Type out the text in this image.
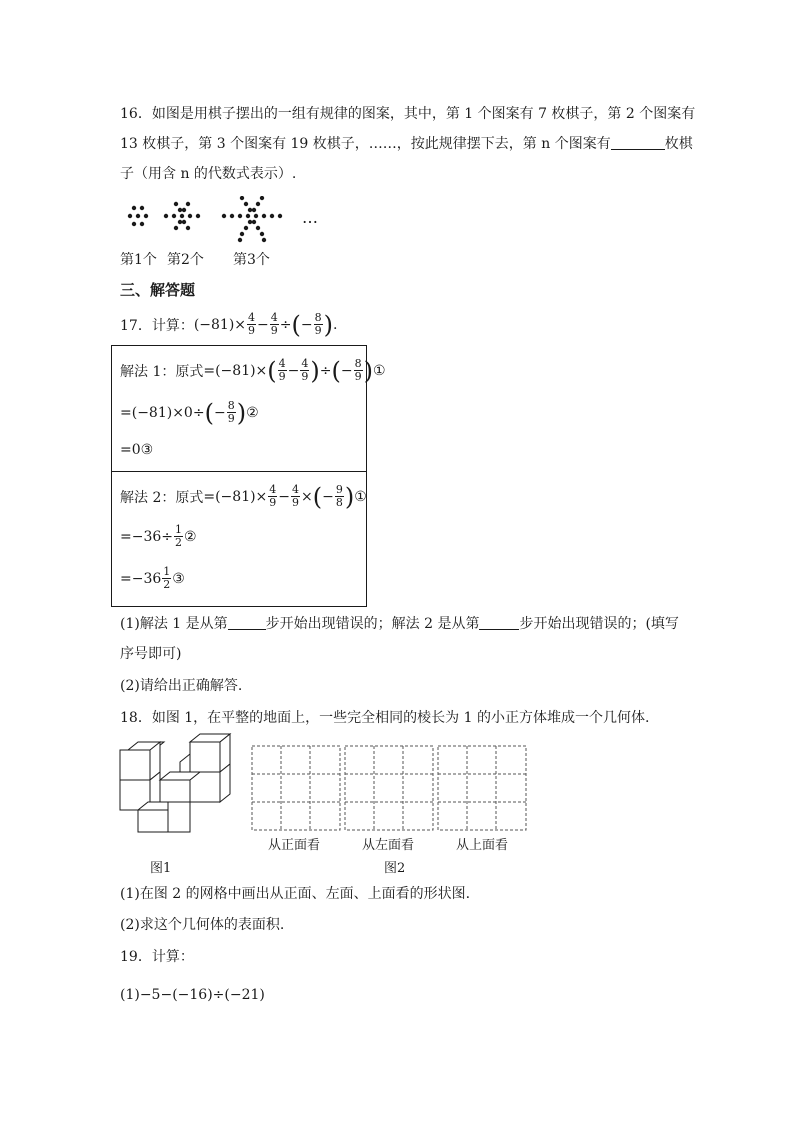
16．如图是用棋子摆出的一组有规律的图案，其中，第 1 个图案有 7 枚棋子，第 2 个图案有
13 枚棋子，第 3 个图案有 19 枚棋子，……，按此规律摆下去，第 n 个图案有	枚棋
子（用含 n 的代数式表示）.
…
第1个 第2个 第3个
三、解答题
17．计算： $(-81)\times \frac{4}{9} - \frac{4}{9}$ ÷ ( − $\frac{8}{9}$ ) .
解法 1：原式 =(−81)× ( $\frac{4}{9} - \frac{4}{9}$ ) ÷ ( − $\frac{8}{9}$ ) ①
=(−81)×0÷ ( − $\frac{8}{9}$ ) ②
=0 ③
解法 2：原式 $=(-81)\times \frac{4}{9} - \frac{4}{9}$ × ( − $\frac{9}{8}$ ) ①
$=-36\div \frac{1}{2}$ ②
$=-36 \frac{1}{2}$ ③
(1)解法 1 是从第	步开始出现错误的；解法 2 是从第	步开始出现错误的；(填写
序号即可)
(2)请给出正确解答.
18．如图 1，在平整的地面上，一些完全相同的棱长为 1 的小正方体堆成一个几何体.
从正面看	从左面看	从上面看
图1	图2
(1)在图 2 的网格中画出从正面、左面、上面看的形状图.
(2)求这个几何体的表面积.
19．计算：
(1)−5−(−16)÷(−21)
